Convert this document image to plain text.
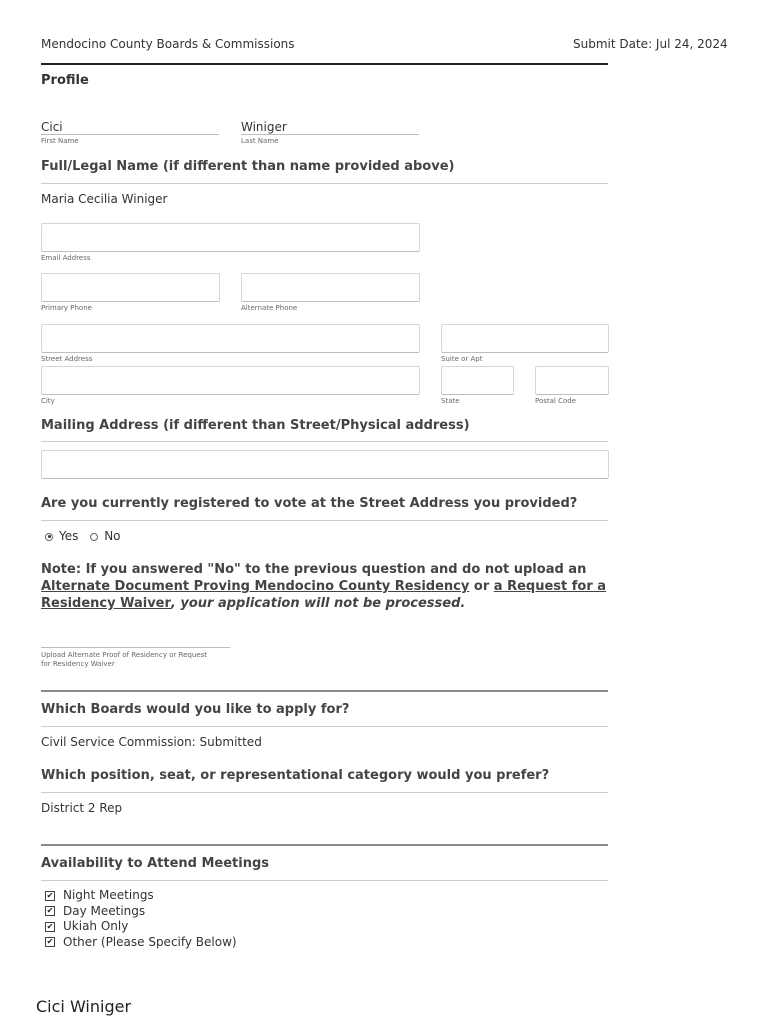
Mendocino County Boards & Commissions	Submit Date: Jul 24, 2024
Profile
Cici
First Name
Winiger
Last Name
Full/Legal Name (if different than name provided above)
Maria Cecilia Winiger
Email Address
Primary Phone	Alternate Phone
Street Address	Suite or Apt
City	State	Postal Code
Mailing Address (if different than Street/Physical address)
Are you currently registered to vote at the Street Address you provided?
Yes No
Note: If you answered "No" to the previous question and do not upload an
Alternate Document Proving Mendocino County Residency or a Request for a
Residency Waiver, your application will not be processed.
Upload Alternate Proof of Residency or Request
for Residency Waiver
Which Boards would you like to apply for?
Civil Service Commission: Submitted
Which position, seat, or representational category would you prefer?
District 2 Rep
Availability to Attend Meetings
✔ Night Meetings
✔ Day Meetings
✔ Ukiah Only
✔ Other (Please Specify Below)
Cici Winiger
